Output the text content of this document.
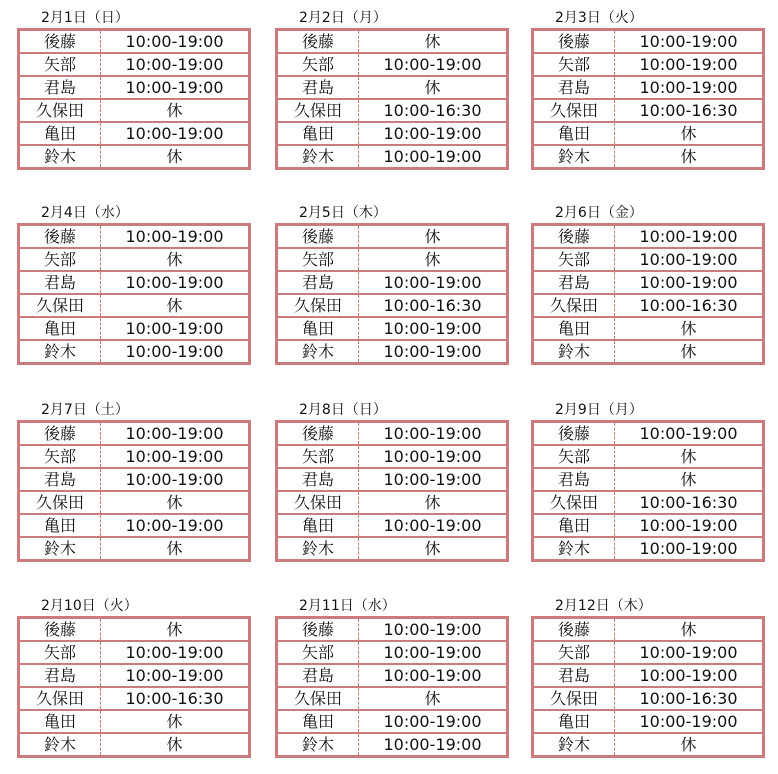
2月1日（日）
後藤	10:00-19:00
矢部	10:00-19:00
君島	10:00-19:00
久保田	休
亀田	10:00-19:00
鈴木	休
2月2日（月）
後藤	休
矢部	10:00-19:00
君島	休
久保田	10:00-16:30
亀田	10:00-19:00
鈴木	10:00-19:00
2月3日（火）
後藤	10:00-19:00
矢部	10:00-19:00
君島	10:00-19:00
久保田	10:00-16:30
亀田	休
鈴木	休
2月4日（水）
後藤	10:00-19:00
矢部	休
君島	10:00-19:00
久保田	休
亀田	10:00-19:00
鈴木	10:00-19:00
2月5日（木）
後藤	休
矢部	休
君島	10:00-19:00
久保田	10:00-16:30
亀田	10:00-19:00
鈴木	10:00-19:00
2月6日（金）
後藤	10:00-19:00
矢部	10:00-19:00
君島	10:00-19:00
久保田	10:00-16:30
亀田	休
鈴木	休
2月7日（土）
後藤	10:00-19:00
矢部	10:00-19:00
君島	10:00-19:00
久保田	休
亀田	10:00-19:00
鈴木	休
2月8日（日）
後藤	10:00-19:00
矢部	10:00-19:00
君島	10:00-19:00
久保田	休
亀田	10:00-19:00
鈴木	休
2月9日（月）
後藤	10:00-19:00
矢部	休
君島	休
久保田	10:00-16:30
亀田	10:00-19:00
鈴木	10:00-19:00
2月10日（火）
後藤	休
矢部	10:00-19:00
君島	10:00-19:00
久保田	10:00-16:30
亀田	休
鈴木	休
2月11日（水）
後藤	10:00-19:00
矢部	10:00-19:00
君島	10:00-19:00
久保田	休
亀田	10:00-19:00
鈴木	10:00-19:00
2月12日（木）
後藤	休
矢部	10:00-19:00
君島	10:00-19:00
久保田	10:00-16:30
亀田	10:00-19:00
鈴木	休
